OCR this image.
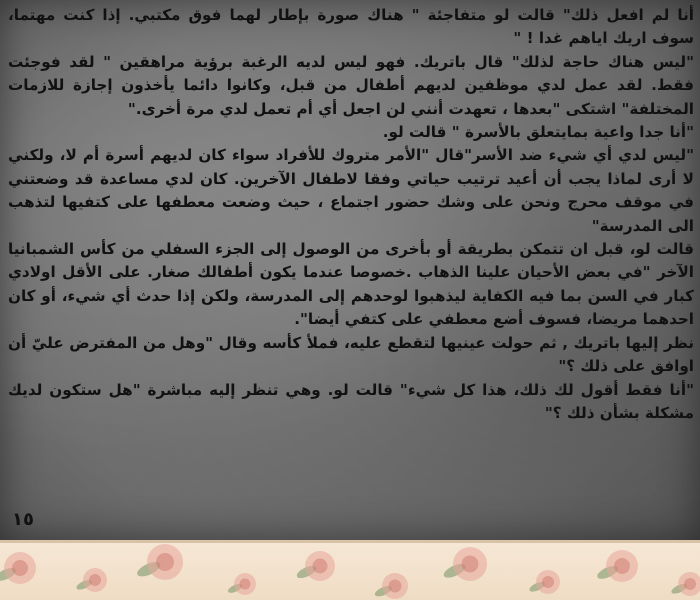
أنا لم افعل ذلك" قالت لو متفاجئة " هناك صورة بإطار لهما فوق مكتبي. إذا كنت مهتما، سوف اريك اياهم غدا ! "

"ليس هناك حاجة لذلك" قال باتريك. فهو ليس لديه الرغبة برؤية مراهقين " لقد فوجئت فقط. لقد عمل لدي موظفين لديهم أطفال من قبل، وكانوا دائما يأخذون إجازة للازمات المختلفة" اشتكى "بعدها ، تعهدت أنني لن اجعل أي أم تعمل لدي مرة أخرى."

"أنا جدا واعية بمايتعلق بالأسرة " قالت لو.

"ليس لدي أي شيء ضد الأسر"قال "الأمر متروك للأفراد سواء كان لديهم أسرة أم لا، ولكني لا أرى لماذا يجب أن أعيد ترتيب حياتي وفقا لاطفال الآخرين. كان لدي مساعدة قد وضعتني في موقف محرج ونحن على وشك حضور اجتماع ، حيث وضعت معطفها على كتفيها لتذهب الى المدرسة"

قالت لو، قبل ان تتمكن بطريقة أو بأخرى من الوصول إلى الجزء السفلي من كأس الشمبانيا الآخر "في بعض الأحيان علينا الذهاب .خصوصا عندما يكون أطفالك صغار. على الأقل اولادي كبار في السن بما فيه الكفاية ليذهبوا لوحدهم إلى المدرسة، ولكن إذا حدث أي شيء، أو كان احدهما مريضا، فسوف أضع معطفي على كتفي أيضا".

نظر إليها باتريك , ثم حولت عينيها لتقطع عليه، فملأ كأسه وقال "وهل من المفترض عليّ أن اوافق على ذلك ؟"

"أنا فقط أقول لك ذلك، هذا كل شيء" قالت لو. وهي تنظر إليه مباشرة "هل ستكون لديك مشكلة بشأن ذلك ؟"

١٥
